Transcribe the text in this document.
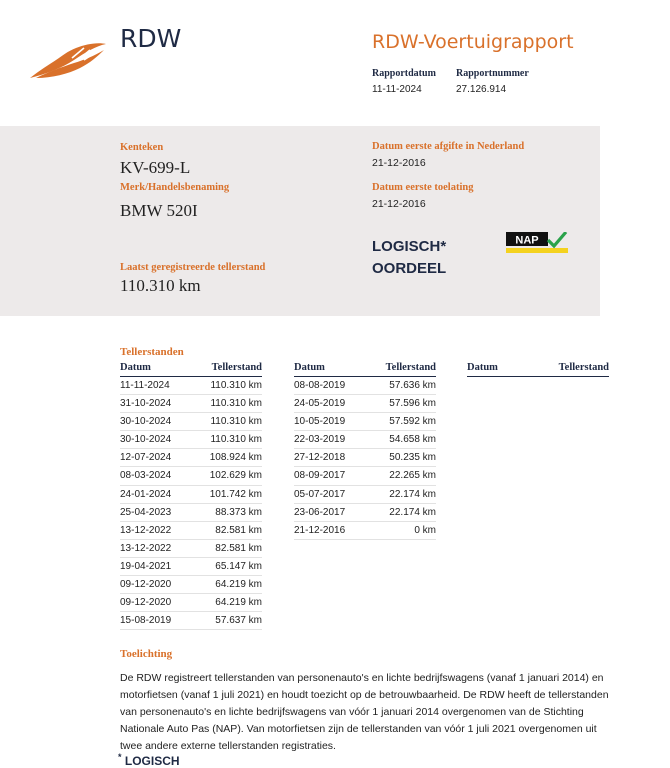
RDW	RDW-Voertuigrapport
Rapportdatum
11-11-2024
Rapportnummer
27.126.914
Kenteken
KV-699-L
Merk/Handelsbenaming
BMW 520I
Laatst geregistreerde tellerstand
110.310 km
Datum eerste afgifte in Nederland
21-12-2016
Datum eerste toelating
21-12-2016
LOGISCH*
OORDEEL
NAP
Tellerstanden
Datum	Tellerstand
11-11-2024	110.310 km
31-10-2024	110.310 km
30-10-2024	110.310 km
30-10-2024	110.310 km
12-07-2024	108.924 km
08-03-2024	102.629 km
24-01-2024	101.742 km
25-04-2023	88.373 km
13-12-2022	82.581 km
13-12-2022	82.581 km
19-04-2021	65.147 km
09-12-2020	64.219 km
09-12-2020	64.219 km
15-08-2019	57.637 km
Datum	Tellerstand
08-08-2019	57.636 km
24-05-2019	57.596 km
10-05-2019	57.592 km
22-03-2019	54.658 km
27-12-2018	50.235 km
08-09-2017	22.265 km
05-07-2017	22.174 km
23-06-2017	22.174 km
21-12-2016	0 km
Datum	Tellerstand
Toelichting
De RDW registreert tellerstanden van personenauto's en lichte bedrijfswagens (vanaf 1 januari 2014) en motorfietsen (vanaf 1 juli 2021) en houdt toezicht op de betrouwbaarheid. De RDW heeft de tellerstanden van personenauto's en lichte bedrijfswagens van vóór 1 januari 2014 overgenomen van de Stichting Nationale Auto Pas (NAP). Van motorfietsen zijn de tellerstanden van vóór 1 juli 2021 overgenomen uit twee andere externe tellerstanden registraties.
* LOGISCH
